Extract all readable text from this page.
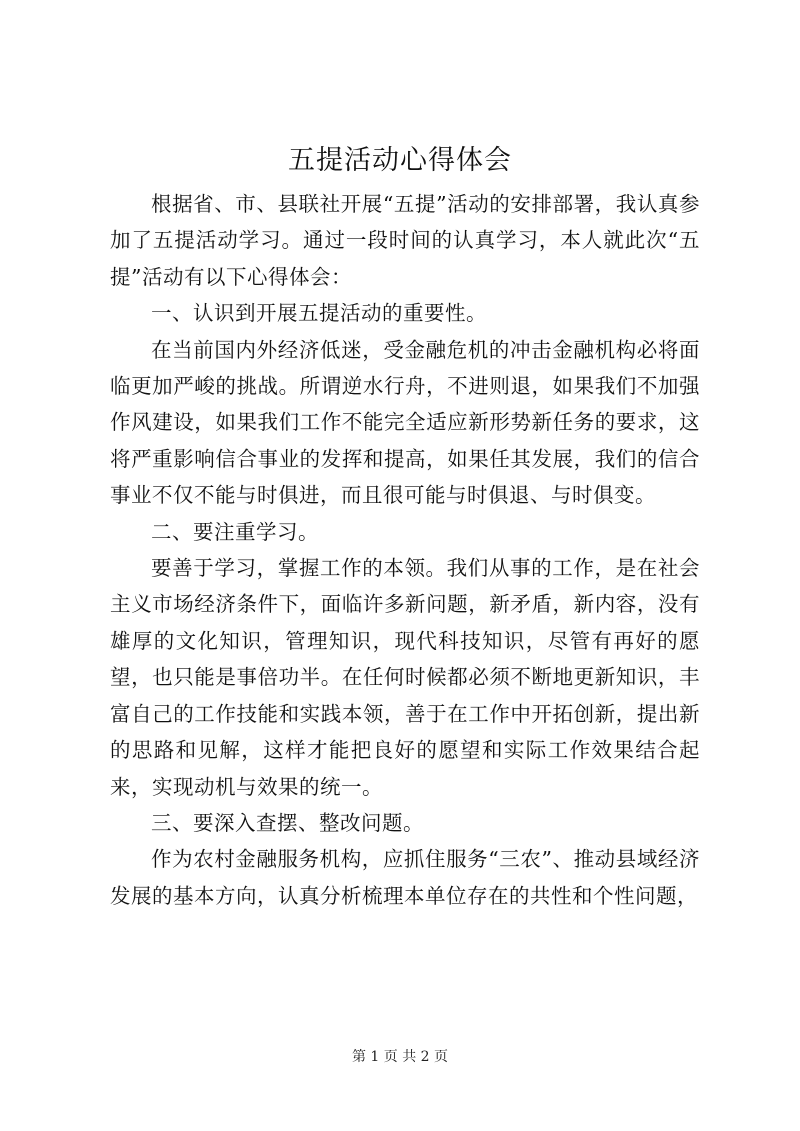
五提活动心得体会

根据省、市、县联社开展“五提”活动的安排部署，我认真参加了五提活动学习。通过一段时间的认真学习，本人就此次“五提”活动有以下心得体会：

一、认识到开展五提活动的重要性。

在当前国内外经济低迷，受金融危机的冲击金融机构必将面临更加严峻的挑战。所谓逆水行舟，不进则退，如果我们不加强作风建设，如果我们工作不能完全适应新形势新任务的要求，这将严重影响信合事业的发挥和提高，如果任其发展，我们的信合事业不仅不能与时俱进，而且很可能与时俱退、与时俱变。

二、要注重学习。

要善于学习，掌握工作的本领。我们从事的工作，是在社会主义市场经济条件下，面临许多新问题，新矛盾，新内容，没有雄厚的文化知识，管理知识，现代科技知识，尽管有再好的愿望，也只能是事倍功半。在任何时候都必须不断地更新知识，丰富自己的工作技能和实践本领，善于在工作中开拓创新，提出新的思路和见解，这样才能把良好的愿望和实际工作效果结合起来，实现动机与效果的统一。

三、要深入查摆、整改问题。

作为农村金融服务机构，应抓住服务“三农”、推动县域经济发展的基本方向，认真分析梳理本单位存在的共性和个性问题，

第 1 页 共 2 页
